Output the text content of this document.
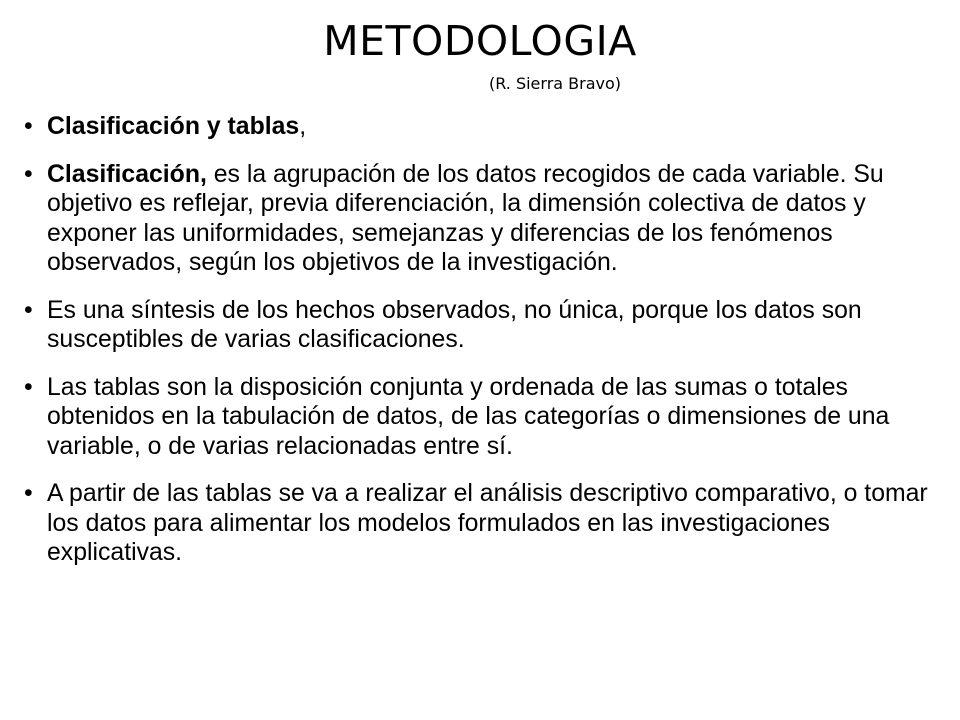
METODOLOGIA
(R. Sierra Bravo)
• Clasificación y tablas,
• Clasificación, es la agrupación de los datos recogidos de cada variable. Su objetivo es reflejar, previa diferenciación, la dimensión colectiva de datos y exponer las uniformidades, semejanzas y diferencias de los fenómenos observados, según los objetivos de la investigación.
• Es una síntesis de los hechos observados, no única, porque los datos son susceptibles de varias clasificaciones.
• Las tablas son la disposición conjunta y ordenada de las sumas o totales obtenidos en la tabulación de datos, de las categorías o dimensiones de una variable, o de varias relacionadas entre sí.
• A partir de las tablas se va a realizar el análisis descriptivo comparativo, o tomar los datos para alimentar los modelos formulados en las investigaciones explicativas.
